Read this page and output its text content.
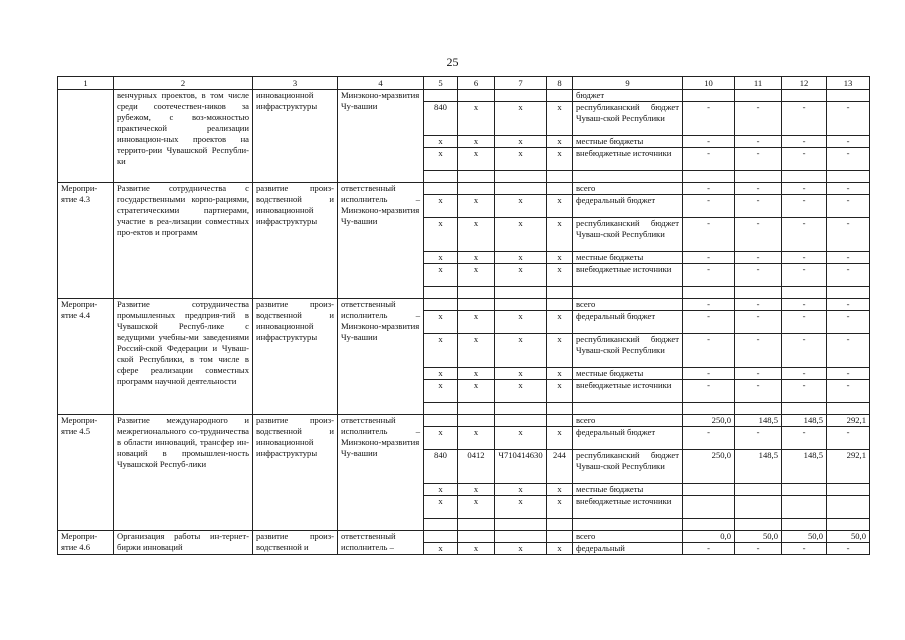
25
1	2	3	4	5	6	7	8	9	10	11	12	13
	венчурных проектов, в том числе среди соотечествен-ников за рубежом, с воз-можностью практической реализации инновацион-ных проектов на террито-рии Чувашской Республи-ки	инновационной инфраструктуры	Минэконо-мразвития Чу-вашии					бюджет				
				840	х	х	х	республиканский бюджет Чуваш-ской Республики	-	-	-	-
				х	х	х	х	местные бюджеты	-	-	-	-
				х	х	х	х	внебюджетные источники	-	-	-	-

Меропри-ятие 4.3	Развитие сотрудничества с государственными корпо-рациями, стратегическими партнерами, участие в реа-лизации совместных про-ектов и программ	развитие произ-водственной и инновационной инфраструктуры	ответственный исполнитель – Минэконо-мразвития Чу-вашии					всего	-	-	-	-
				х	х	х	х	федеральный бюджет	-	-	-	-
				х	х	х	х	республиканский бюджет Чуваш-ской Республики	-	-	-	-
				х	х	х	х	местные бюджеты	-	-	-	-
				х	х	х	х	внебюджетные источники	-	-	-	-

Меропри-ятие 4.4	Развитие сотрудничества промышленных предприя-тий в Чувашской Респуб-лике с ведущими учебны-ми заведениями Россий-ской Федерации и Чуваш-ской Республики, в том числе в сфере реализации совместных программ научной деятельности	развитие произ-водственной и инновационной инфраструктуры	ответственный исполнитель – Минэконо-мразвития Чу-вашии					всего	-	-	-	-
				х	х	х	х	федеральный бюджет	-	-	-	-
				х	х	х	х	республиканский бюджет Чуваш-ской Республики	-	-	-	-
				х	х	х	х	местные бюджеты	-	-	-	-
				х	х	х	х	внебюджетные источники	-	-	-	-

Меропри-ятие 4.5	Развитие международного и межрегионального со-трудничества в области инноваций, трансфер ин-новаций в промышлен-ность Чувашской Респуб-лики	развитие произ-водственной и инновационной инфраструктуры	ответственный исполнитель – Минэконо-мразвития Чу-вашии					всего	250,0	148,5	148,5	292,1
				х	х	х	х	федеральный бюджет	-	-	-	-
				840	0412	Ч710414630	244	республиканский бюджет Чуваш-ской Республики	250,0	148,5	148,5	292,1
				х	х	х	х	местные бюджеты				
				х	х	х	х	внебюджетные источники				

Меропри-ятие 4.6	Организация работы ин-тернет-биржи инноваций	развитие произ-водственной и	ответственный исполнитель –					всего	0,0	50,0	50,0	50,0
				х	х	х	х	федеральный	-	-	-	-
